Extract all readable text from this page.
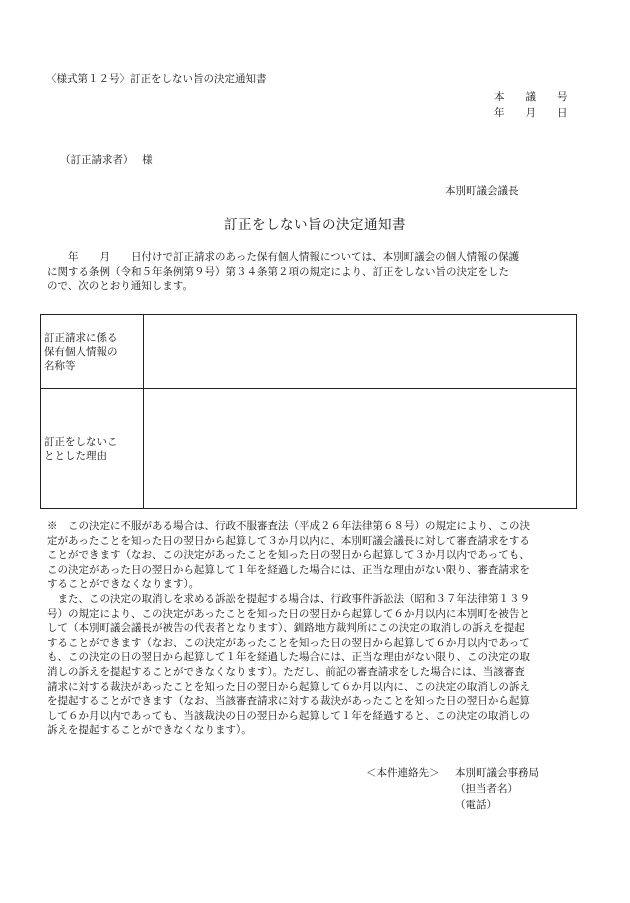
〈様式第１２号〉訂正をしない旨の決定通知書
本　　議　　号
年　　月　　日
（訂正請求者）　 様
本別町議会議長
訂正をしない旨の決定通知書
　　年　　月　　日付けで訂正請求のあった保有個人情報については、本別町議会の個人情報の保護
に関する条例（令和５年条例第９号）第３４条第２項の規定により、訂正をしない旨の決定をした
ので、次のとおり通知します。
訂正請求に係る
保有個人情報の
名称等	

訂正をしないこ
ととした理由	

※　この決定に不服がある場合は、行政不服審査法（平成２６年法律第６８号）の規定により、この決
定があったことを知った日の翌日から起算して３か月以内に、本別町議会議長に対して審査請求をする
ことができます（なお、この決定があったことを知った日の翌日から起算して３か月以内であっても、
この決定があった日の翌日から起算して１年を経過した場合には、正当な理由がない限り、審査請求を
することができなくなります）。
　また、この決定の取消しを求める訴訟を提起する場合は、行政事件訴訟法（昭和３７年法律第１３９
号）の規定により、この決定があったことを知った日の翌日から起算して６か月以内に本別町を被告と
して（本別町議会議長が被告の代表者となります）、釧路地方裁判所にこの決定の取消しの訴えを提起
することができます（なお、この決定があったことを知った日の翌日から起算して６か月以内であって
も、この決定の日の翌日から起算して１年を経過した場合には、正当な理由がない限り、この決定の取
消しの訴えを提起することができなくなります）。ただし、前記の審査請求をした場合には、当該審査
請求に対する裁決があったことを知った日の翌日から起算して６か月以内に、この決定の取消しの訴え
を提起することができます（なお、当該審査請求に対する裁決があったことを知った日の翌日から起算
して６か月以内であっても、当該裁決の日の翌日から起算して１年を経過すると、この決定の取消しの
訴えを提起することができなくなります）。
＜本件連絡先＞ 本別町議会事務局
（担当者名）
（電話）
